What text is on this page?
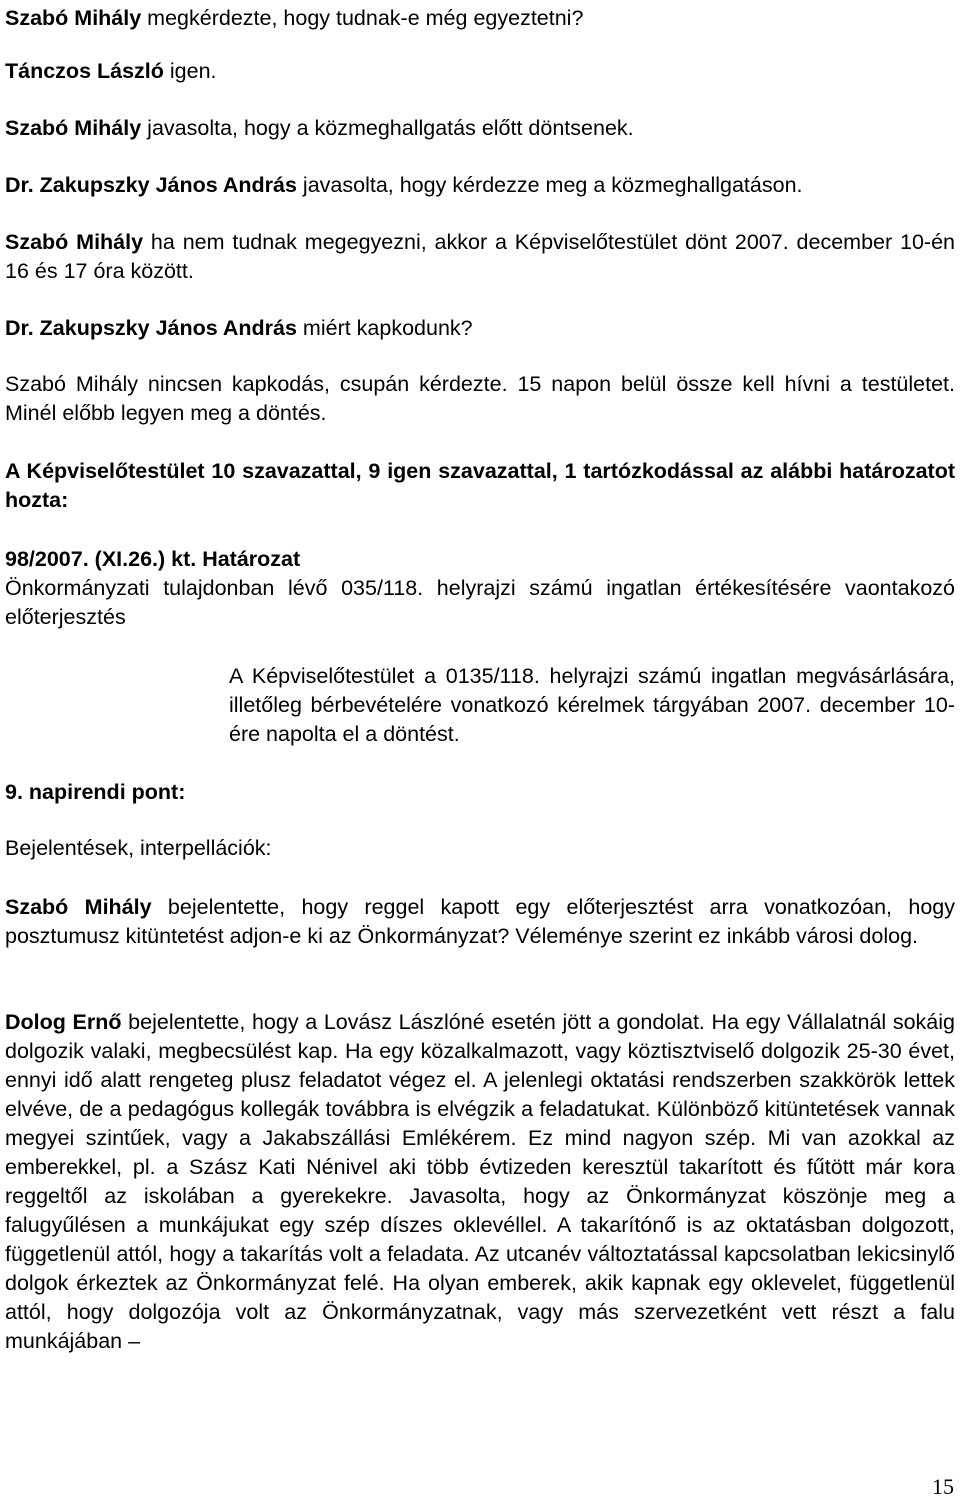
Szabó Mihály megkérdezte, hogy tudnak-e még egyeztetni?

Tánczos László igen.

Szabó Mihály javasolta, hogy a közmeghallgatás előtt döntsenek.

Dr. Zakupszky János András javasolta, hogy kérdezze meg a közmeghallgatáson.

Szabó Mihály ha nem tudnak megegyezni, akkor a Képviselőtestület dönt 2007. december 10-én 16 és 17 óra között.

Dr. Zakupszky János András miért kapkodunk?

Szabó Mihály nincsen kapkodás, csupán kérdezte. 15 napon belül össze kell hívni a testületet. Minél előbb legyen meg a döntés.

A Képviselőtestület 10 szavazattal, 9 igen szavazattal, 1 tartózkodással az alábbi határozatot hozta:

98/2007. (XI.26.) kt. Határozat

Önkormányzati tulajdonban lévő 035/118. helyrajzi számú ingatlan értékesítésére vaontakozó előterjesztés

A Képviselőtestület a 0135/118. helyrajzi számú ingatlan megvásárlására, illetőleg bérbevételére vonatkozó kérelmek tárgyában 2007. december 10-ére napolta el a döntést.

9. napirendi pont:

Bejelentések, interpellációk:

Szabó Mihály bejelentette, hogy reggel kapott egy előterjesztést arra vonatkozóan, hogy posztumusz kitüntetést adjon-e ki az Önkormányzat? Véleménye szerint ez inkább városi dolog.

Dolog Ernő bejelentette, hogy a Lovász Lászlóné esetén jött a gondolat. Ha egy Vállalatnál sokáig dolgozik valaki, megbecsülést kap. Ha egy közalkalmazott, vagy köztisztviselő dolgozik 25-30 évet, ennyi idő alatt rengeteg plusz feladatot végez el. A jelenlegi oktatási rendszerben szakkörök lettek elvéve, de a pedagógus kollegák továbbra is elvégzik a feladatukat. Különböző kitüntetések vannak megyei szintűek, vagy a Jakabszállási Emlékérem. Ez mind nagyon szép. Mi van azokkal az emberekkel, pl. a Szász Kati Nénivel aki több évtizeden keresztül takarított és fűtött már kora reggeltől az iskolában a gyerekekre. Javasolta, hogy az Önkormányzat köszönje meg a falugyűlésen a munkájukat egy szép díszes oklevéllel. A takarítónő is az oktatásban dolgozott, függetlenül attól, hogy a takarítás volt a feladata. Az utcanév változtatással kapcsolatban lekicsinylő dolgok érkeztek az Önkormányzat felé. Ha olyan emberek, akik kapnak egy oklevelet, függetlenül attól, hogy dolgozója volt az Önkormányzatnak, vagy más szervezetként vett részt a falu munkájában –

15
